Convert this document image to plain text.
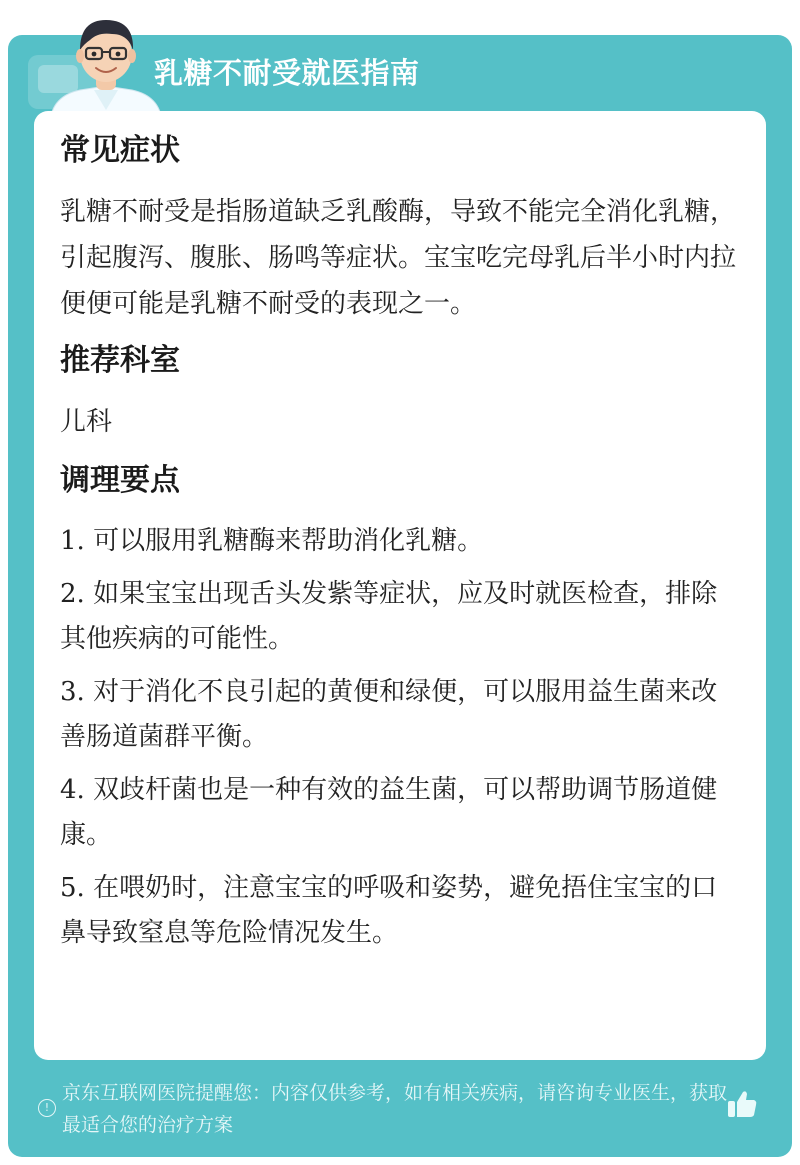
乳糖不耐受就医指南
常见症状
乳糖不耐受是指肠道缺乏乳酸酶，导致不能完全消化乳糖，引起腹泻、腹胀、肠鸣等症状。宝宝吃完母乳后半小时内拉便便可能是乳糖不耐受的表现之一。
推荐科室
儿科
调理要点
1. 可以服用乳糖酶来帮助消化乳糖。
2. 如果宝宝出现舌头发紫等症状，应及时就医检查，排除其他疾病的可能性。
3. 对于消化不良引起的黄便和绿便，可以服用益生菌来改善肠道菌群平衡。
4. 双歧杆菌也是一种有效的益生菌，可以帮助调节肠道健康。
5. 在喂奶时，注意宝宝的呼吸和姿势，避免捂住宝宝的口鼻导致窒息等危险情况发生。
!
京东互联网医院提醒您：内容仅供参考，如有相关疾病，请咨询专业医生，获取最适合您的治疗方案
